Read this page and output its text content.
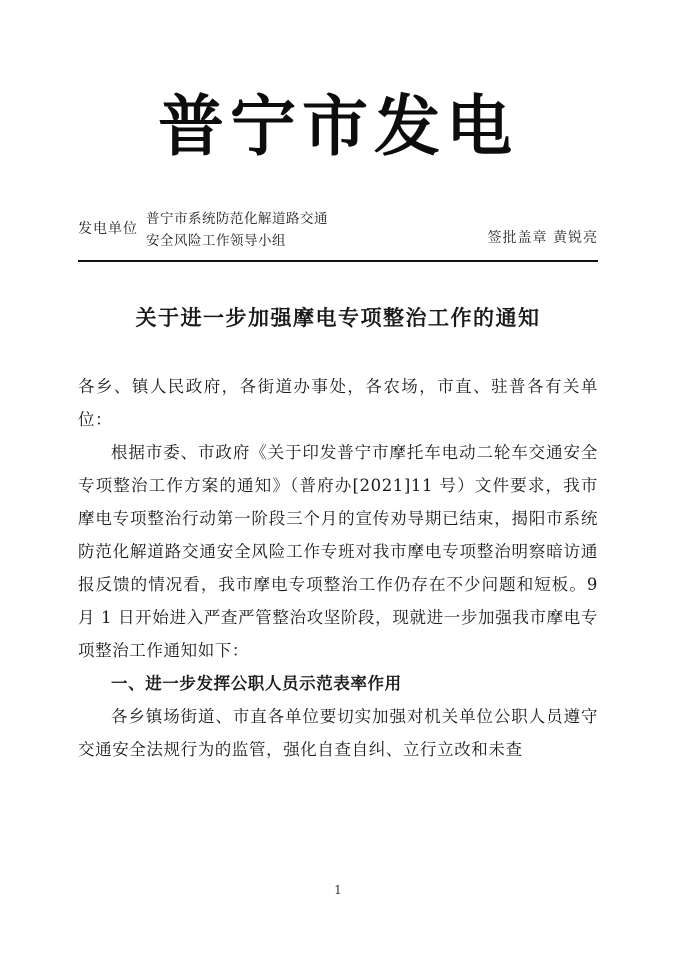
普宁市发电
发电单位
普宁市系统防范化解道路交通
安全风险工作领导小组	签批盖章 黄锐亮
关于进一步加强摩电专项整治工作的通知

各乡、镇人民政府，各街道办事处，各农场，市直、驻普各有关单位：

根据市委、市政府《关于印发普宁市摩托车电动二轮车交通安全专项整治工作方案的通知》（普府办[2021]11 号）文件要求，我市摩电专项整治行动第一阶段三个月的宣传劝导期已结束，揭阳市系统防范化解道路交通安全风险工作专班对我市摩电专项整治明察暗访通报反馈的情况看，我市摩电专项整治工作仍存在不少问题和短板。9 月 1 日开始进入严查严管整治攻坚阶段，现就进一步加强我市摩电专项整治工作通知如下：

一、进一步发挥公职人员示范表率作用

各乡镇场街道、市直各单位要切实加强对机关单位公职人员遵守交通安全法规行为的监管，强化自查自纠、立行立改和未查

1
